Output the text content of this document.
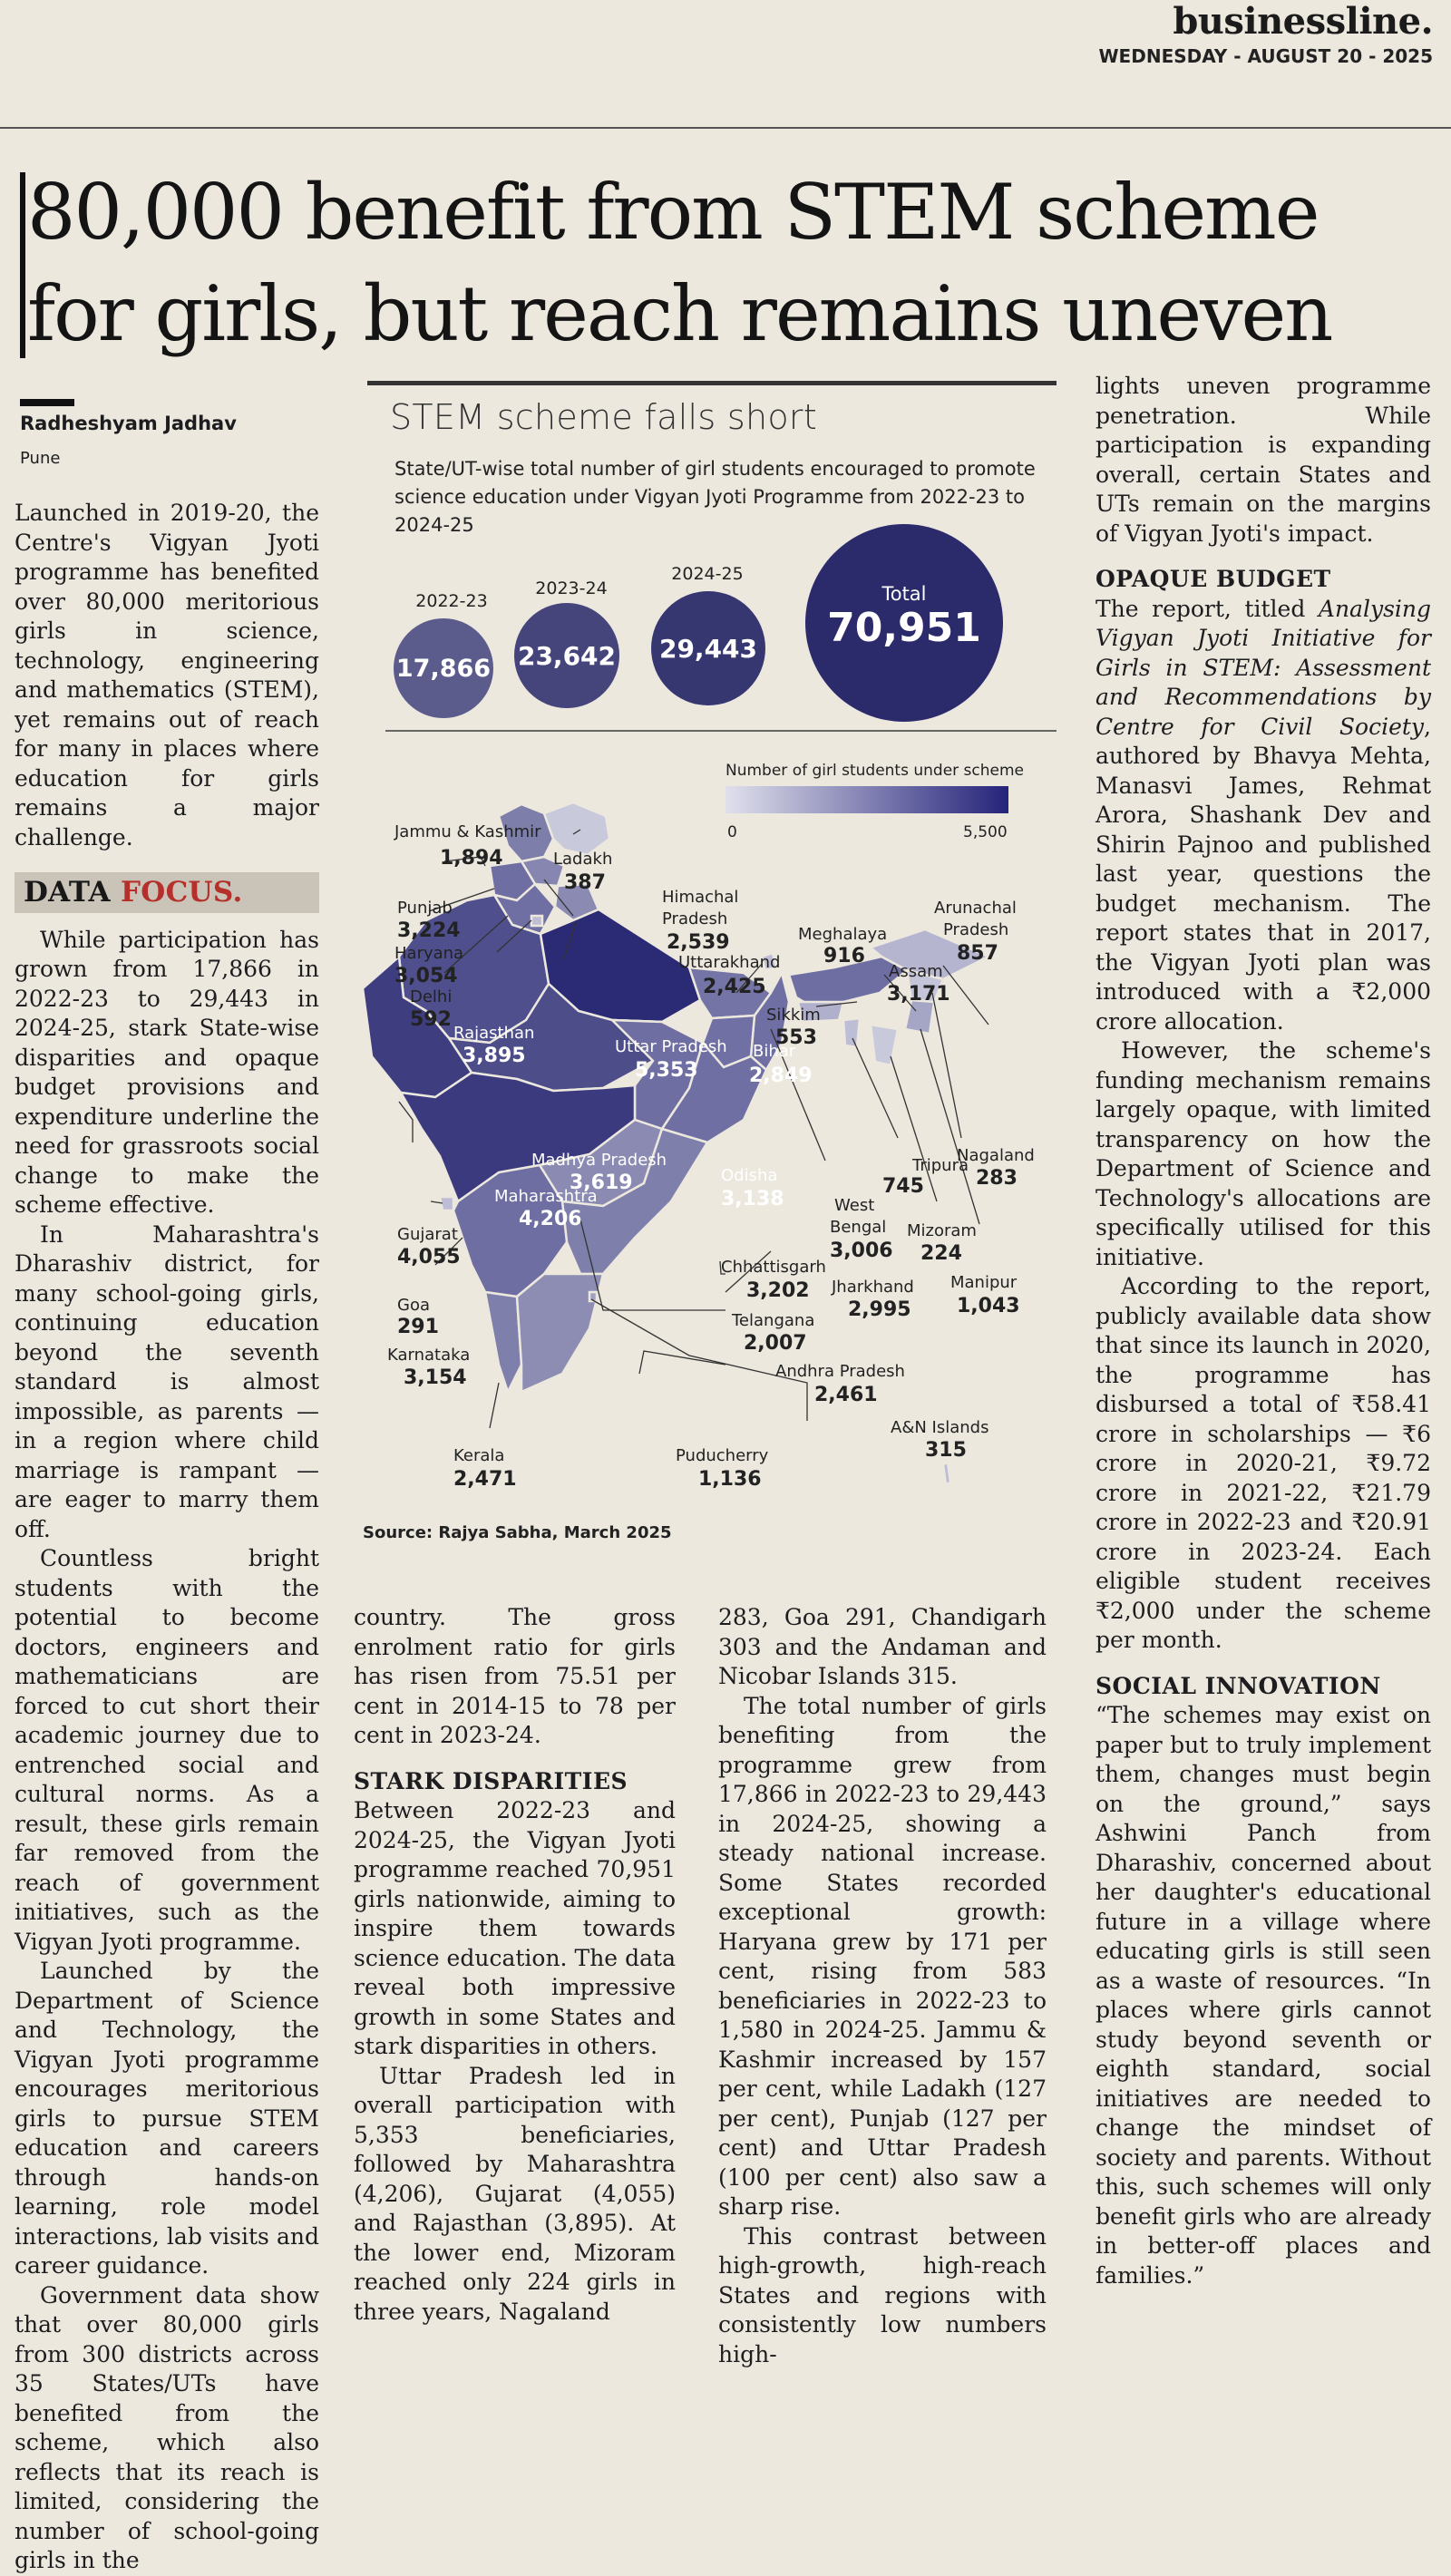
businessline.
WEDNESDAY - AUGUST 20 - 2025
80,000 benefit from STEM scheme for girls, but reach remains uneven
Radheshyam Jadhav
Pune

Launched in 2019-20, the Centre's Vigyan Jyoti programme has benefited over 80,000 meritorious girls in science, technology, engineering and mathematics (STEM), yet remains out of reach for many in places where education for girls remains a major challenge.

DATA FOCUS.

While participation has grown from 17,866 in 2022-23 to 29,443 in 2024-25, stark State-wise disparities and opaque budget provisions and expenditure underline the need for grassroots social change to make the scheme effective.

In Maharashtra's Dharashiv district, for many school-going girls, continuing education beyond the seventh standard is almost impossible, as parents — in a region where child marriage is rampant — are eager to marry them off.

Countless bright students with the potential to become doctors, engineers and mathematicians are forced to cut short their academic journey due to entrenched social and cultural norms. As a result, these girls remain far removed from the reach of government initiatives, such as the Vigyan Jyoti programme.

Launched by the Department of Science and Technology, the Vigyan Jyoti programme encourages meritorious girls to pursue STEM education and careers through hands-on learning, role model interactions, lab visits and career guidance.

Government data show that over 80,000 girls from 300 districts across 35 States/UTs have benefited from the scheme, which also reflects that its reach is limited, considering the number of school-going girls in the

STEM scheme falls short
State/UT-wise total number of girl students encouraged to promote science education under Vigyan Jyoti Programme from 2022-23 to 2024-25
2022-23
17,866
2023-24
23,642
2024-25
29,443
Total
70,951
Number of girl students under scheme
0	5,500
Jammu & Kashmir
1,894	Ladakh
387
Punjab
3,224
Himachal
Pradesh
2,539
Haryana
3,054
Uttarakhand
2,425
Delhi
592
Rajasthan
3,895	Uttar Pradesh
5,353
Bihar
2,849
Sikkim
553
Meghalaya
916
Arunachal
Pradesh
857
Assam
3,171
Madhya Pradesh
3,619
Nagaland
283
Tripura
745
Gujarat
4,055
Maharashtra
4,206
Odisha
3,138	West
Bengal
3,006
Mizoram
224
Chhattisgarh
3,202 Jharkhand
2,995
Manipur
1,043
Goa
291	Telangana
2,007
Karnataka
3,154	Andhra Pradesh
2,461
A&N Islands
315
Kerala
2,471
Puducherry
1,136
Source: Rajya Sabha, March 2025

country. The gross enrolment ratio for girls has risen from 75.51 per cent in 2014-15 to 78 per cent in 2023-24.

STARK DISPARITIES

Between 2022-23 and 2024-25, the Vigyan Jyoti programme reached 70,951 girls nationwide, aiming to inspire them towards science education. The data reveal both impressive growth in some States and stark disparities in others.

Uttar Pradesh led in overall participation with 5,353 beneficiaries, followed by Maharashtra (4,206), Gujarat (4,055) and Rajasthan (3,895). At the lower end, Mizoram reached only 224 girls in three years, Nagaland

283, Goa 291, Chandigarh 303 and the Andaman and Nicobar Islands 315.

The total number of girls benefiting from the programme grew from 17,866 in 2022-23 to 29,443 in 2024-25, showing a steady national increase. Some States recorded exceptional growth: Haryana grew by 171 per cent, rising from 583 beneficiaries in 2022-23 to 1,580 in 2024-25. Jammu & Kashmir increased by 157 per cent, while Ladakh (127 per cent), Punjab (127 per cent) and Uttar Pradesh (100 per cent) also saw a sharp rise.

This contrast between high-growth, high-reach States and regions with consistently low numbers high-

lights uneven programme penetration. While participation is expanding overall, certain States and UTs remain on the margins of Vigyan Jyoti's impact.

OPAQUE BUDGET

The report, titled Analysing Vigyan Jyoti Initiative for Girls in STEM: Assessment and Recommendations by Centre for Civil Society, authored by Bhavya Mehta, Manasvi James, Rehmat Arora, Shashank Dev and Shirin Pajnoo and published last year, questions the budget mechanism. The report states that in 2017, the Vigyan Jyoti plan was introduced with a ₹2,000 crore allocation.

However, the scheme's funding mechanism remains largely opaque, with limited transparency on how the Department of Science and Technology's allocations are specifically utilised for this initiative.

According to the report, publicly available data show that since its launch in 2020, the programme has disbursed a total of ₹58.41 crore in scholarships — ₹6 crore in 2020-21, ₹9.72 crore in 2021-22, ₹21.79 crore in 2022-23 and ₹20.91 crore in 2023-24. Each eligible student receives ₹2,000 under the scheme per month.

SOCIAL INNOVATION

“The schemes may exist on paper but to truly implement them, changes must begin on the ground,” says Ashwini Panch from Dharashiv, concerned about her daughter's educational future in a village where educating girls is still seen as a waste of resources. “In places where girls cannot study beyond seventh or eighth standard, social initiatives are needed to change the mindset of society and parents. Without this, such schemes will only benefit girls who are already in better-off places and families.”
